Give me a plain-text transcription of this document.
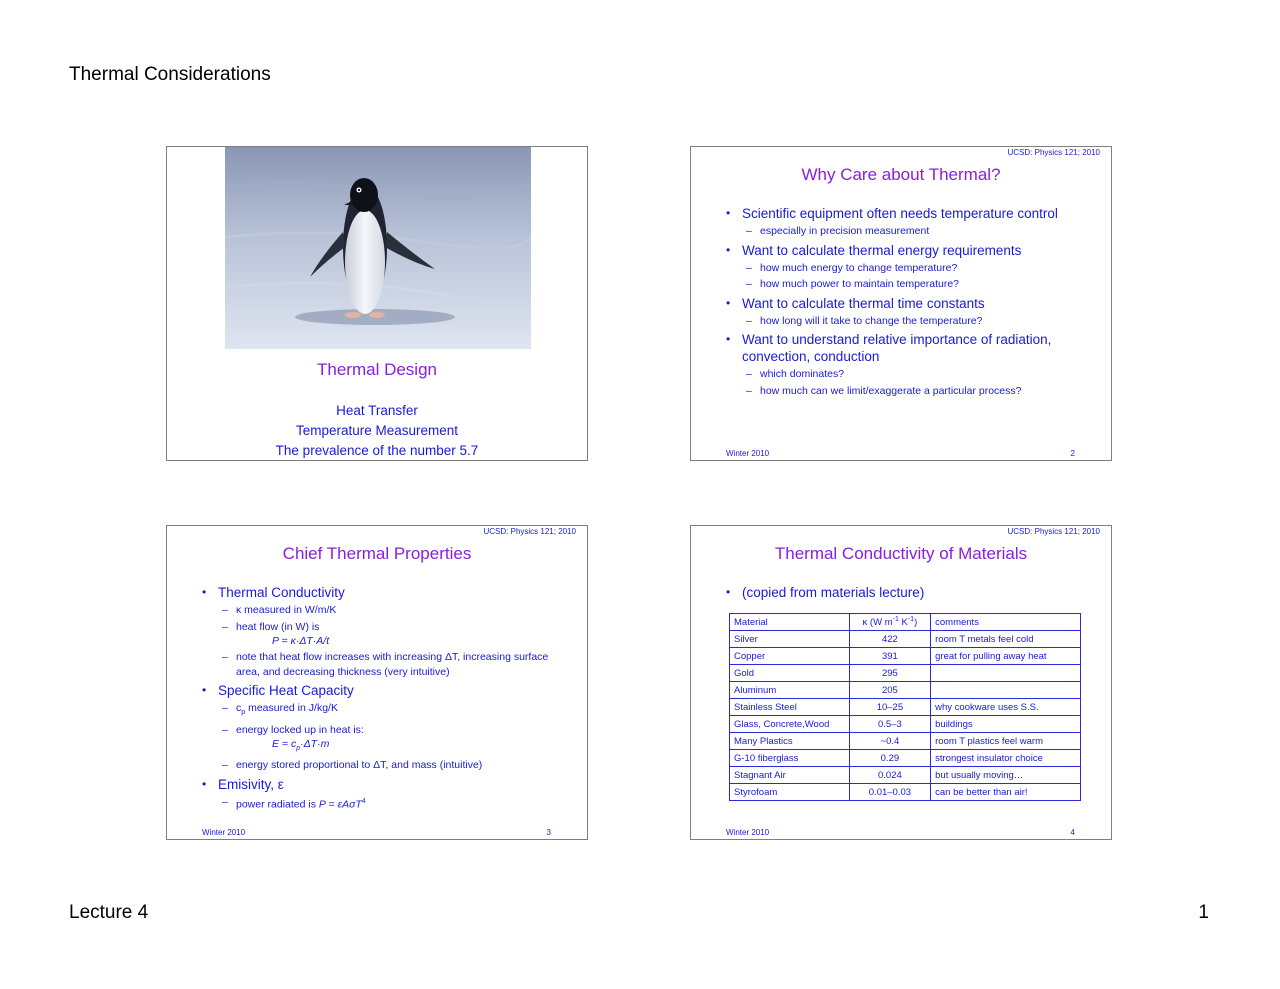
Thermal Considerations
Thermal Design
Heat Transfer
Temperature Measurement
The prevalence of the number 5.7
UCSD: Physics 121; 2010
Why Care about Thermal?
• Scientific equipment often needs temperature control
– especially in precision measurement
• Want to calculate thermal energy requirements
– how much energy to change temperature?
– how much power to maintain temperature?
• Want to calculate thermal time constants
– how long will it take to change the temperature?
• Want to understand relative importance of radiation, convection, conduction
– which dominates?
– how much can we limit/exaggerate a particular process?
Winter 2010	2
UCSD: Physics 121; 2010
Chief Thermal Properties
• Thermal Conductivity
– κ measured in W/m/K
– heat flow (in W) is
P = κ·ΔT·A/t
– note that heat flow increases with increasing ΔT, increasing surface area, and decreasing thickness (very intuitive)
• Specific Heat Capacity
– $c_p$ measured in J/kg/K
– energy locked up in heat is:
$E = c_p\cdot\Delta T\cdot m$
– energy stored proportional to ΔT, and mass (intuitive)
• Emisivity, ε
– power radiated is P = εAσT$^4$
Winter 2010	3
UCSD: Physics 121; 2010
Thermal Conductivity of Materials
• (copied from materials lecture)
Material	κ (W $m^{-1}$ $K^{-1}$)	comments
Silver	422	room T metals feel cold
Copper	391	great for pulling away heat
Gold	295	
Aluminum	205	
Stainless Steel	10–25	why cookware uses S.S.
Glass, Concrete,Wood	0.5–3	buildings
Many Plastics	~0.4	room T plastics feel warm
G-10 fiberglass	0.29	strongest insulator choice
Stagnant Air	0.024	but usually moving…
Styrofoam	0.01–0.03	can be better than air!
Winter 2010	4
Lecture 4	1
